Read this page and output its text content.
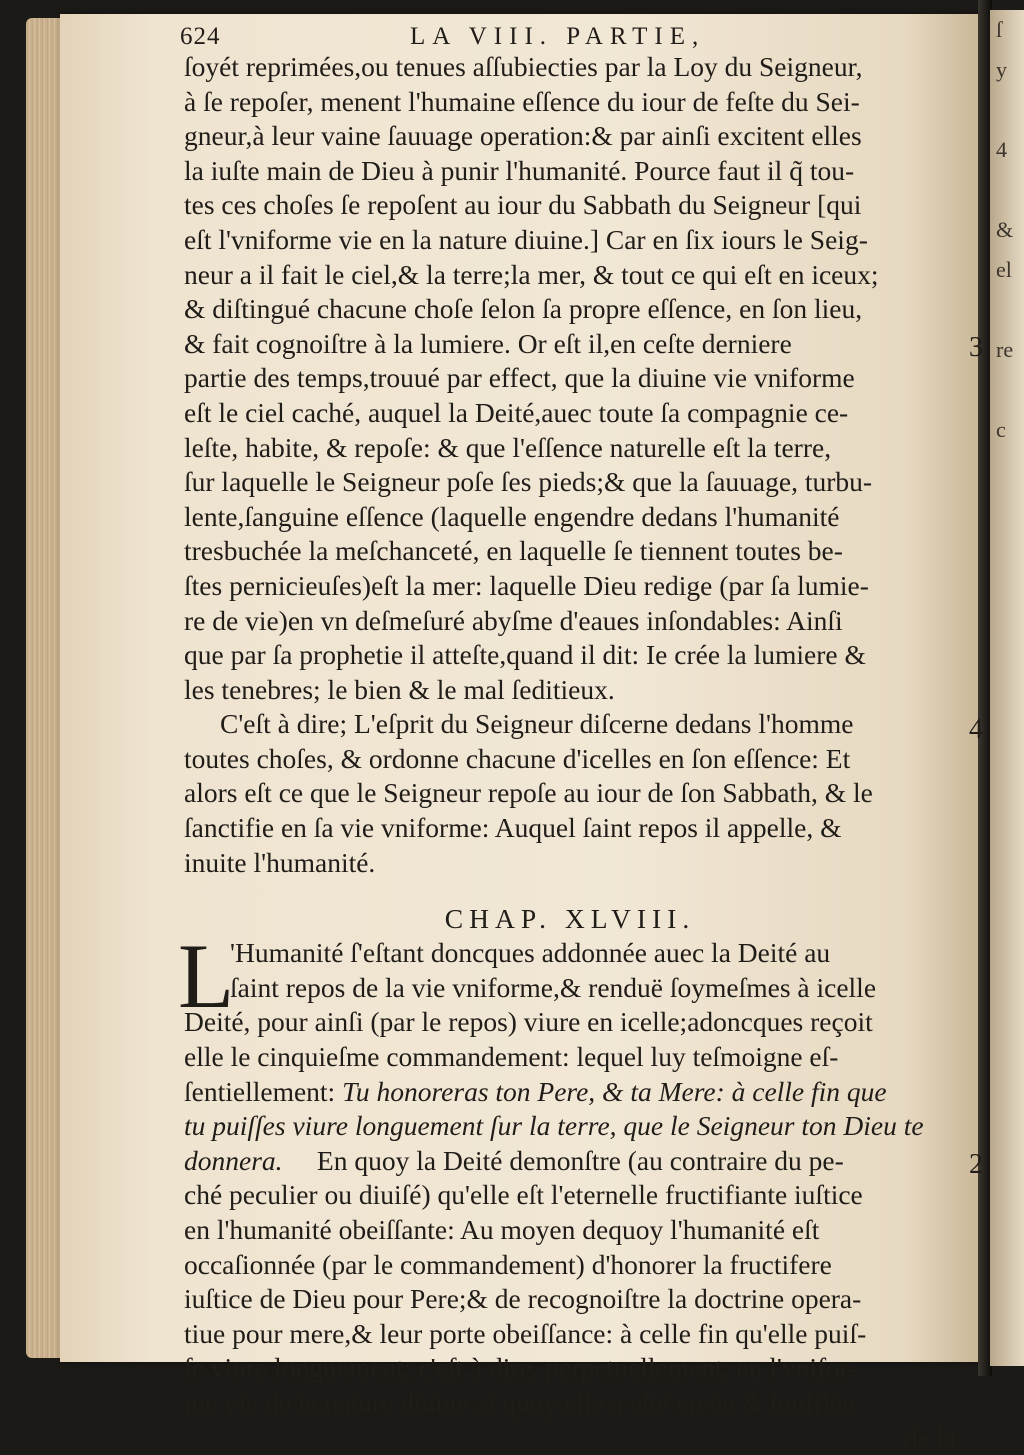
ſ
y
4
&
el
re
c
624	LA VIII. PARTIE,
ſoyét reprimées,ou tenues aſſubiecties par la Loy du Seigneur,
à ſe repoſer, menent l'humaine eſſence du iour de feſte du Sei-
gneur,à leur vaine ſauuage operation:& par ainſi excitent elles
la iuſte main de Dieu à punir l'humanité. Pource faut il q̃ tou-
tes ces choſes ſe repoſent au iour du Sabbath du Seigneur [qui
eſt l'vniforme vie en la nature diuine.] Car en ſix iours le Seig-
neur a il fait le ciel,& la terre;la mer, & tout ce qui eſt en iceux;
& diſtingué chacune choſe ſelon ſa propre eſſence, en ſon lieu,
& fait cognoiſtre à la lumiere. Or eſt il,en ceſte derniere	3
partie des temps,trouué par effect, que la diuine vie vniforme
eſt le ciel caché, auquel la Deité,auec toute ſa compagnie ce-
leſte, habite, & repoſe: & que l'eſſence naturelle eſt la terre,
ſur laquelle le Seigneur poſe ſes pieds;& que la ſauuage, turbu-
lente,ſanguine eſſence (laquelle engendre dedans l'humanité
tresbuchée la meſchanceté, en laquelle ſe tiennent toutes be-
ſtes pernicieuſes)eſt la mer: laquelle Dieu redige (par ſa lumie-
re de vie)en vn deſmeſuré abyſme d'eaues inſondables: Ainſi
que par ſa prophetie il atteſte,quand il dit: Ie crée la lumiere &
les tenebres; le bien & le mal ſeditieux.
C'eſt à dire; L'eſprit du Seigneur diſcerne dedans l'homme	4
toutes choſes, & ordonne chacune d'icelles en ſon eſſence: Et
alors eſt ce que le Seigneur repoſe au iour de ſon Sabbath, & le
ſanctifie en ſa vie vniforme: Auquel ſaint repos il appelle, &
inuite l'humanité.
CHAP. XLVIII.
L
'Humanité ſ'eſtant doncques addonnée auec la Deité au
ſaint repos de la vie vniforme,& renduë ſoymeſmes à icelle
Deité, pour ainſi (par le repos) viure en icelle;adoncques reçoit
elle le cinquieſme commandement: lequel luy teſmoigne eſ-
ſentiellement: Tu honoreras ton Pere, & ta Mere: à celle fin que
tu puiſſes viure longuement ſur la terre, que le Seigneur ton Dieu te
donnera. En quoy la Deité demonſtre (au contraire du pe-	2
ché peculier ou diuiſé) qu'elle eſt l'eternelle fructifiante iuſtice
en l'humanité obeiſſante: Au moyen dequoy l'humanité eſt
occaſionnée (par le commandement) d'honorer la fructifere
iuſtice de Dieu pour Pere;& de recognoiſtre la doctrine opera-
tiue pour mere,& leur porte obeiſſance: à celle fin qu'elle puiſ-
ſe viure longuement; c'eſt à dire, perpetuellement, en l'vnifor-
me vie de la nature diuine: à quoy elle a eſté creée & ſoufflée
de la
